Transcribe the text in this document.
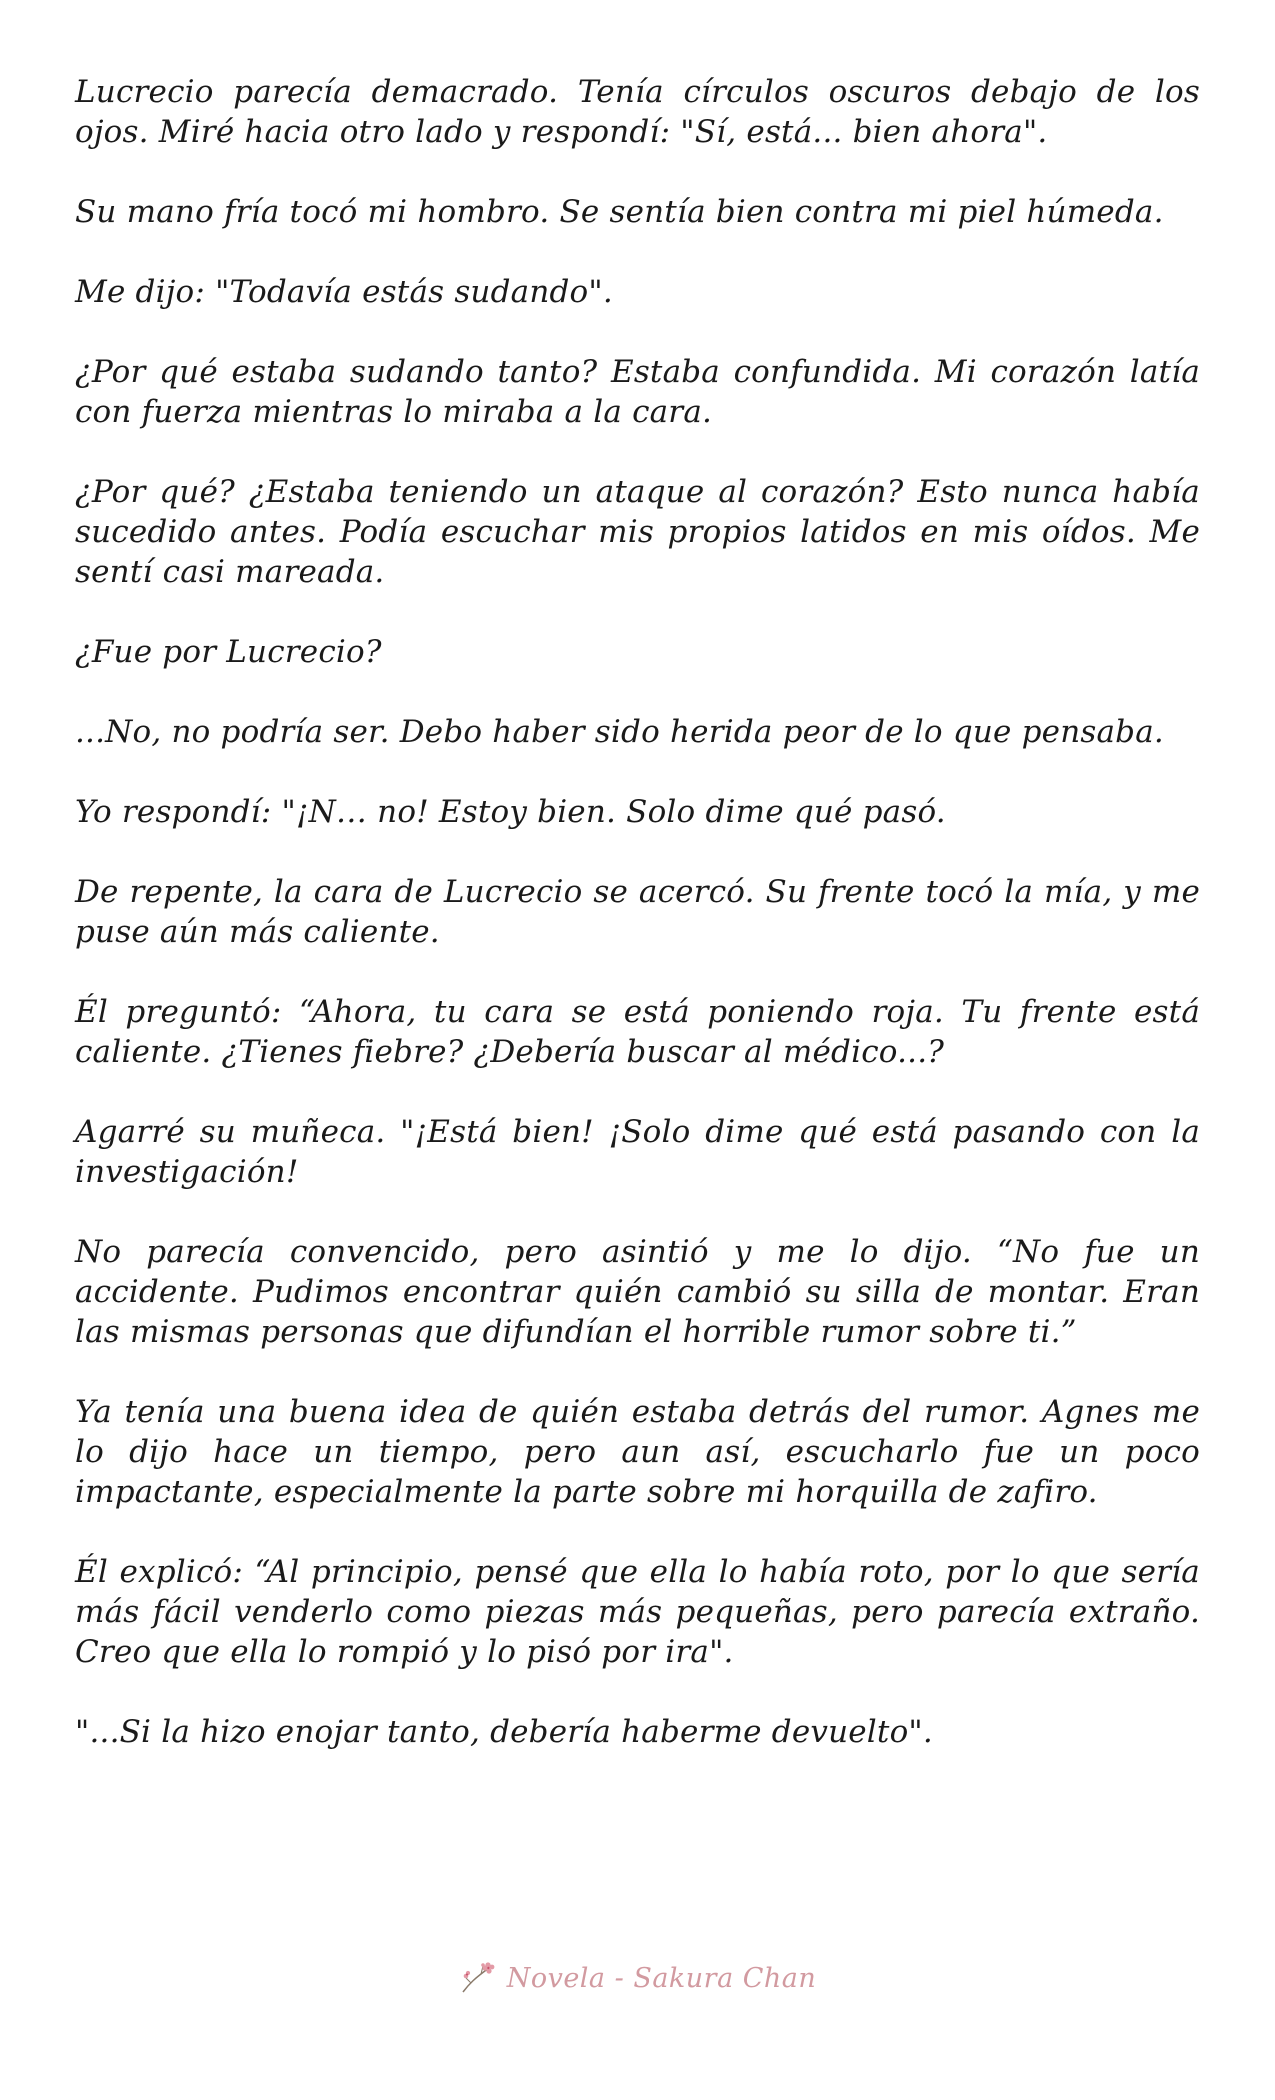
Lucrecio parecía demacrado. Tenía círculos oscuros debajo de los ojos. Miré hacia otro lado y respondí: "Sí, está... bien ahora".

Su mano fría tocó mi hombro. Se sentía bien contra mi piel húmeda.

Me dijo: "Todavía estás sudando".

¿Por qué estaba sudando tanto? Estaba confundida. Mi corazón latía con fuerza mientras lo miraba a la cara.

¿Por qué? ¿Estaba teniendo un ataque al corazón? Esto nunca había sucedido antes. Podía escuchar mis propios latidos en mis oídos. Me sentí casi mareada.

¿Fue por Lucrecio?

...No, no podría ser. Debo haber sido herida peor de lo que pensaba.

Yo respondí: "¡N… no! Estoy bien. Solo dime qué pasó.

De repente, la cara de Lucrecio se acercó. Su frente tocó la mía, y me puse aún más caliente.

Él preguntó: “Ahora, tu cara se está poniendo roja. Tu frente está caliente. ¿Tienes fiebre? ¿Debería buscar al médico...?

Agarré su muñeca. "¡Está bien! ¡Solo dime qué está pasando con la investigación!

No parecía convencido, pero asintió y me lo dijo. “No fue un accidente. Pudimos encontrar quién cambió su silla de montar. Eran las mismas personas que difundían el horrible rumor sobre ti.”

Ya tenía una buena idea de quién estaba detrás del rumor. Agnes me lo dijo hace un tiempo, pero aun así, escucharlo fue un poco impactante, especialmente la parte sobre mi horquilla de zafiro.

Él explicó: “Al principio, pensé que ella lo había roto, por lo que sería más fácil venderlo como piezas más pequeñas, pero parecía extraño. Creo que ella lo rompió y lo pisó por ira".

"...Si la hizo enojar tanto, debería haberme devuelto".

Novela - Sakura Chan
